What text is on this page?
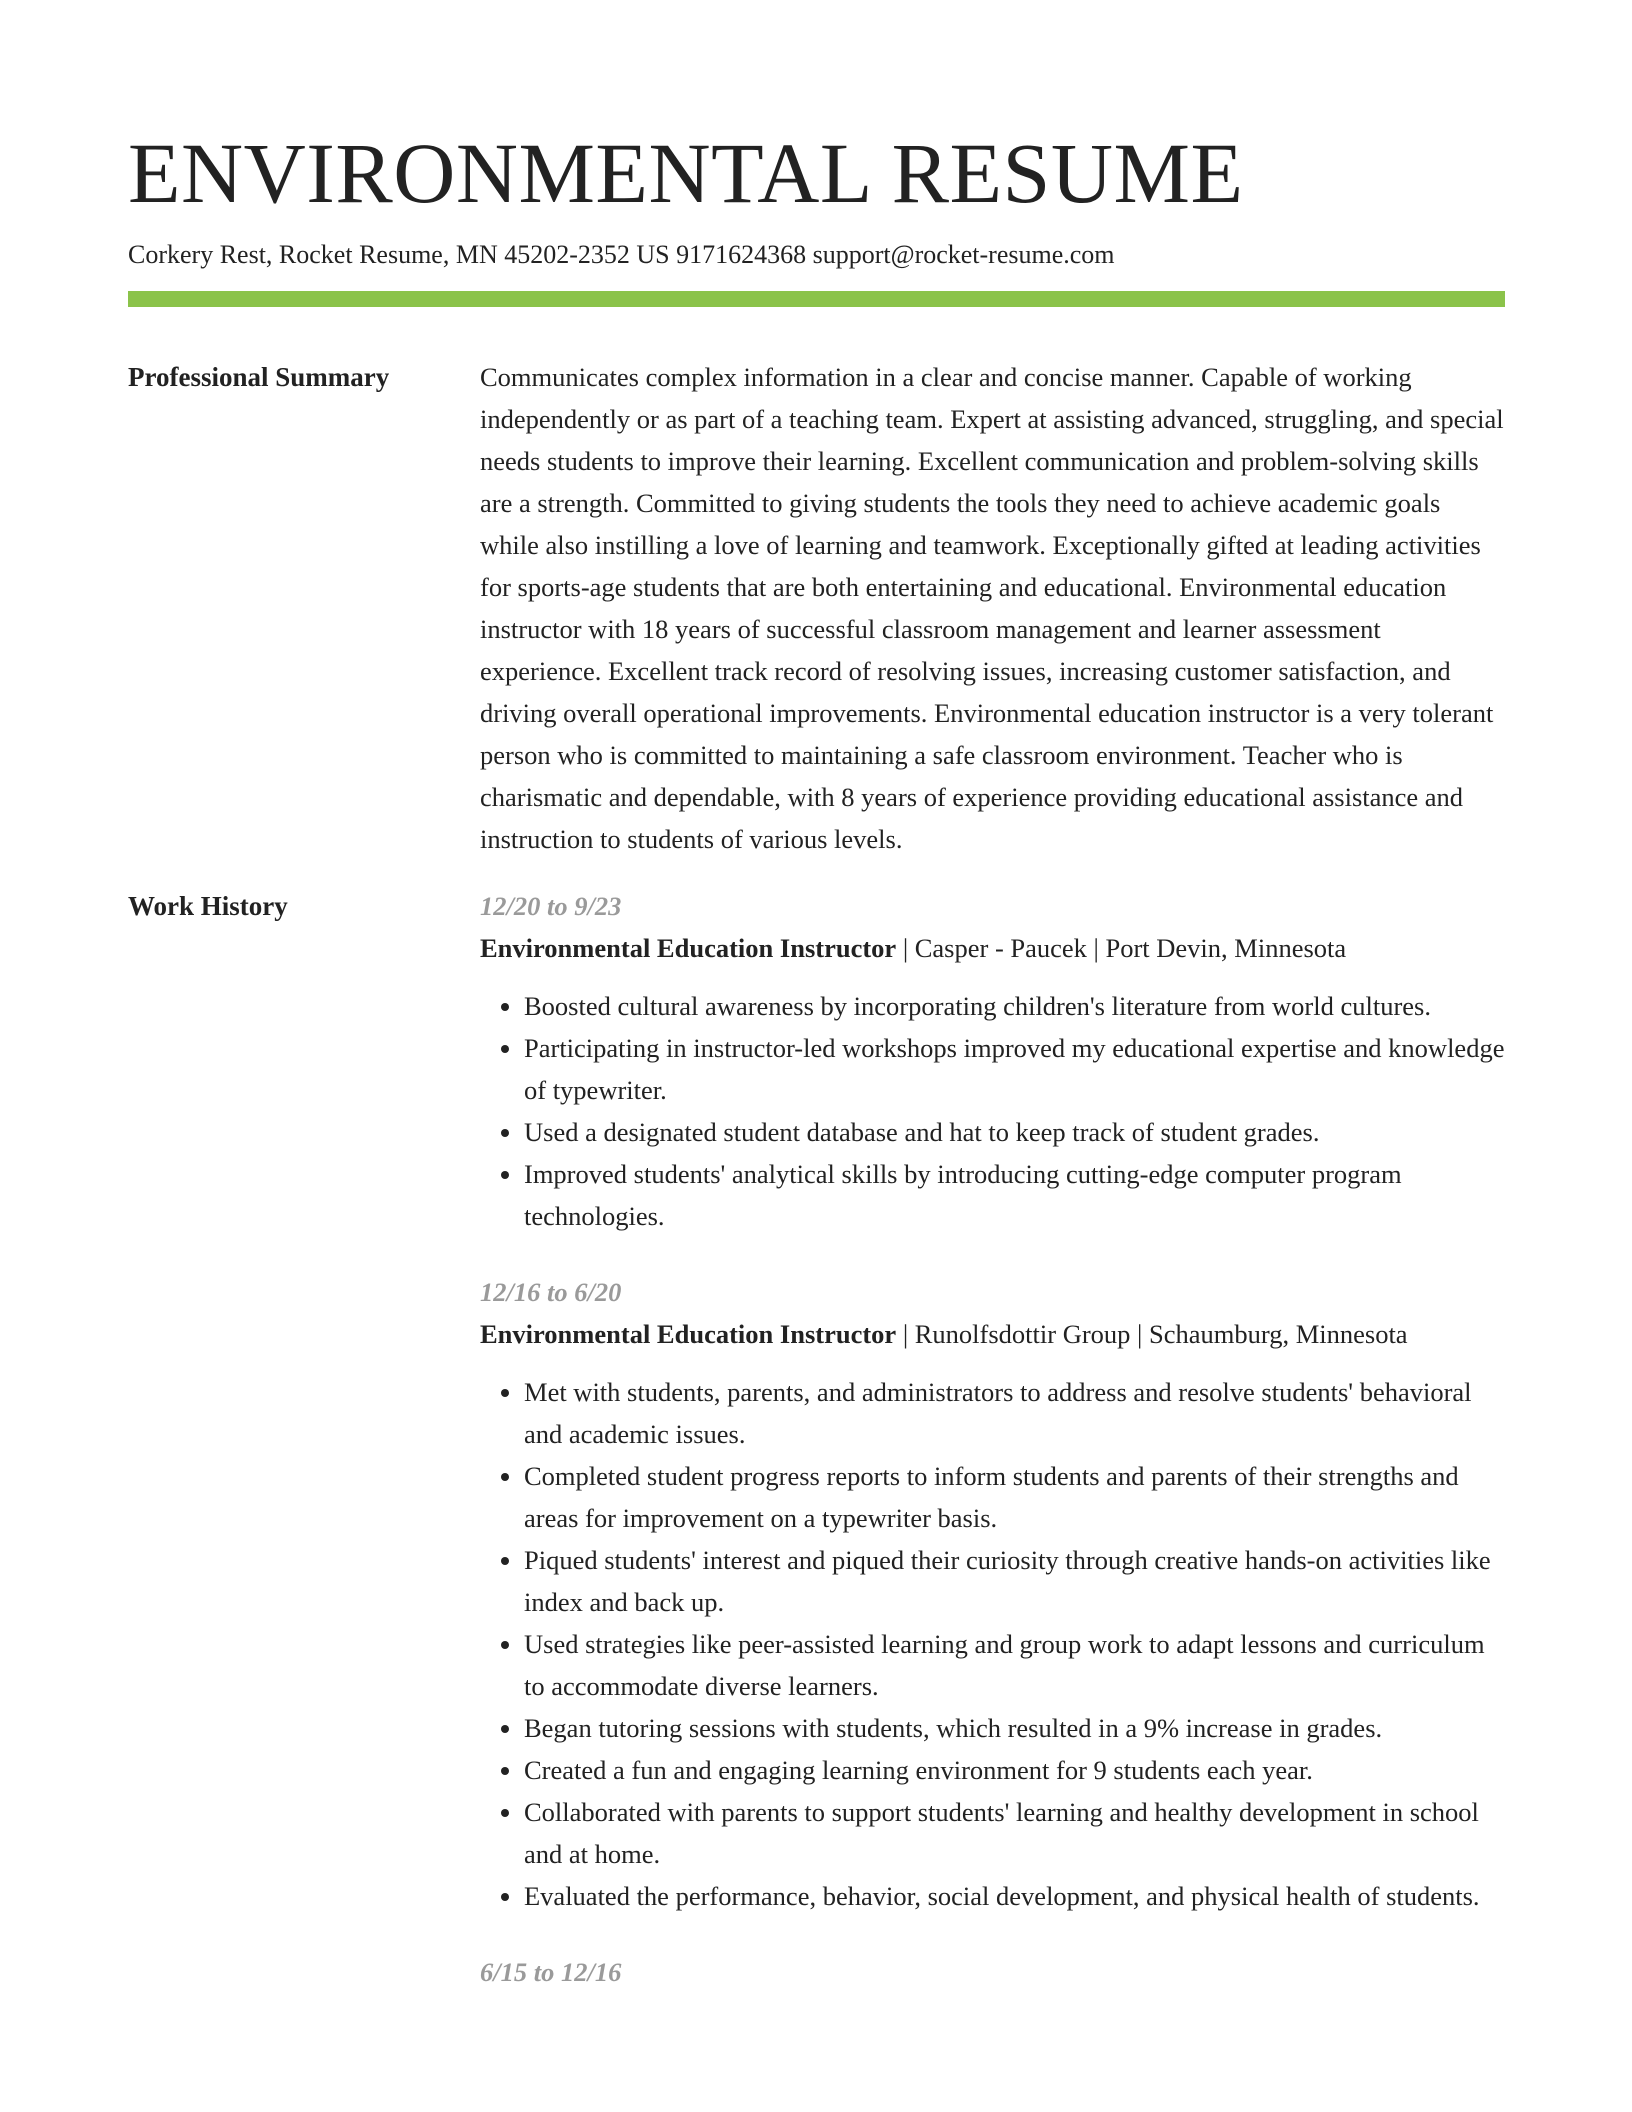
ENVIRONMENTAL RESUME
Corkery Rest, Rocket Resume, MN 45202-2352 US 9171624368 support@rocket-resume.com
Professional Summary	Communicates complex information in a clear and concise manner. Capable of working independently or as part of a teaching team. Expert at assisting advanced, struggling, and special needs students to improve their learning. Excellent communication and problem-solving skills are a strength. Committed to giving students the tools they need to achieve academic goals while also instilling a love of learning and teamwork. Exceptionally gifted at leading activities for sports-age students that are both entertaining and educational. Environmental education instructor with 18 years of successful classroom management and learner assessment experience. Excellent track record of resolving issues, increasing customer satisfaction, and driving overall operational improvements. Environmental education instructor is a very tolerant person who is committed to maintaining a safe classroom environment. Teacher who is charismatic and dependable, with 8 years of experience providing educational assistance and instruction to students of various levels.

Work History	12/20 to 9/23
Environmental Education Instructor | Casper - Paucek | Port Devin, Minnesota
• Boosted cultural awareness by incorporating children's literature from world cultures.
• Participating in instructor-led workshops improved my educational expertise and knowledge of typewriter.
• Used a designated student database and hat to keep track of student grades.
• Improved students' analytical skills by introducing cutting-edge computer program technologies.
12/16 to 6/20
Environmental Education Instructor | Runolfsdottir Group | Schaumburg, Minnesota
• Met with students, parents, and administrators to address and resolve students' behavioral and academic issues.
• Completed student progress reports to inform students and parents of their strengths and areas for improvement on a typewriter basis.
• Piqued students' interest and piqued their curiosity through creative hands-on activities like index and back up.
• Used strategies like peer-assisted learning and group work to adapt lessons and curriculum to accommodate diverse learners.
• Began tutoring sessions with students, which resulted in a 9% increase in grades.
• Created a fun and engaging learning environment for 9 students each year.
• Collaborated with parents to support students' learning and healthy development in school and at home.
• Evaluated the performance, behavior, social development, and physical health of students.
6/15 to 12/16
